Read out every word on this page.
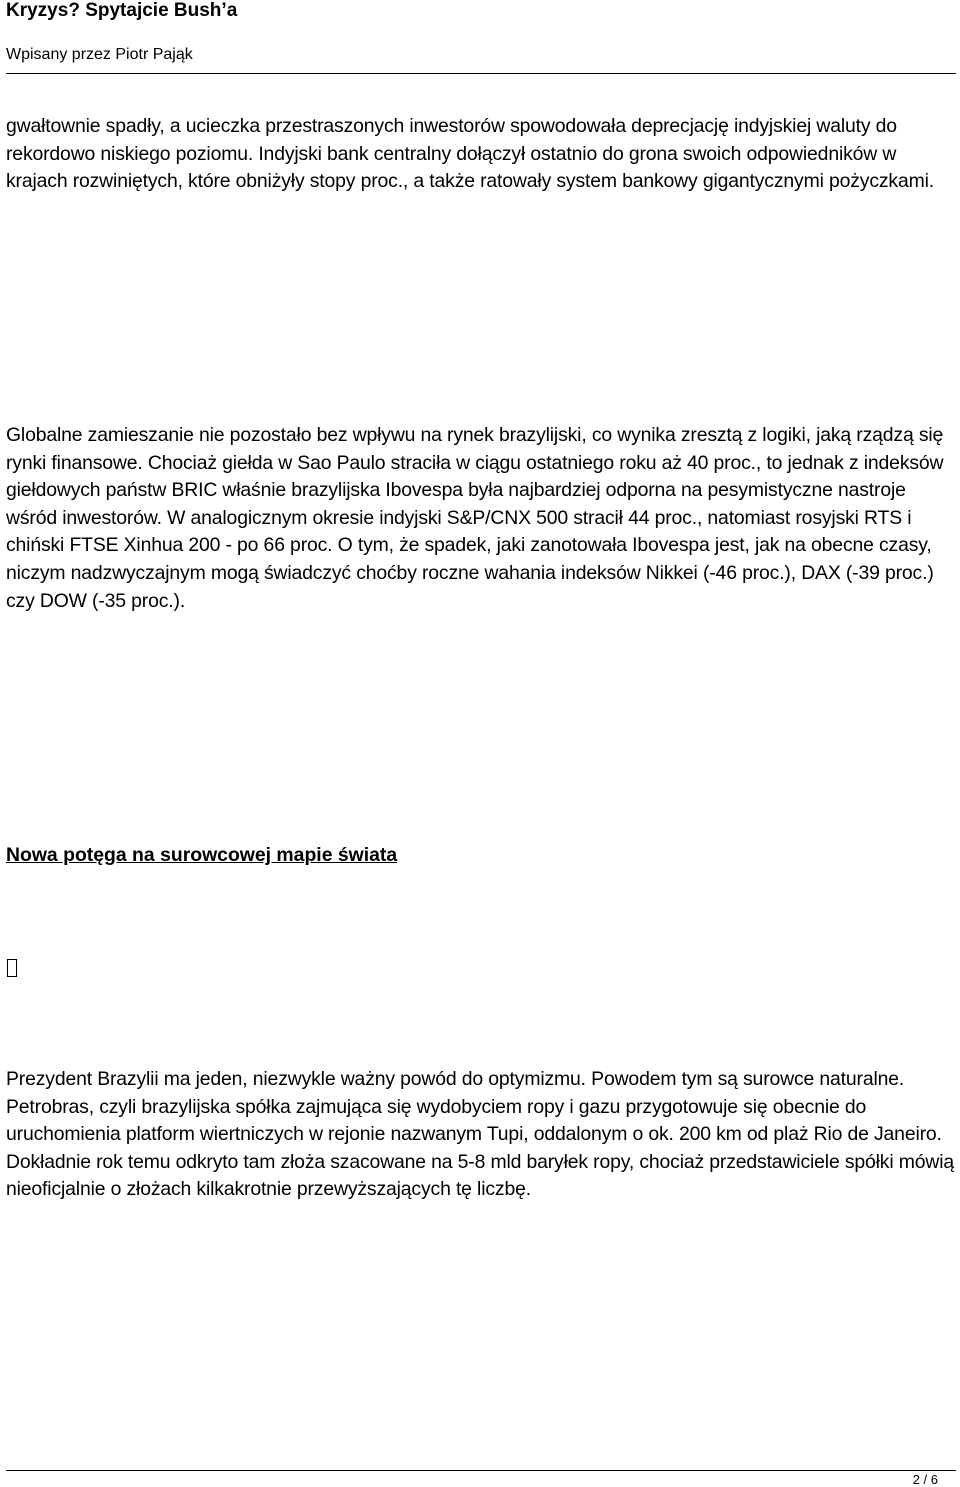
Kryzys? Spytajcie Bush’a
Wpisany przez Piotr Pająk

gwałtownie spadły, a ucieczka przestraszonych inwestorów spowodowała deprecjację indyjskiej waluty do rekordowo niskiego poziomu. Indyjski bank centralny dołączył ostatnio do grona swoich odpowiedników w krajach rozwiniętych, które obniżyły stopy proc., a także ratowały system bankowy gigantycznymi pożyczkami.

Globalne zamieszanie nie pozostało bez wpływu na rynek brazylijski, co wynika zresztą z logiki, jaką rządzą się rynki finansowe. Chociaż giełda w Sao Paulo straciła w ciągu ostatniego roku aż 40 proc., to jednak z indeksów giełdowych państw BRIC właśnie brazylijska Ibovespa była najbardziej odporna na pesymistyczne nastroje wśród inwestorów. W analogicznym okresie indyjski S&P/CNX 500 stracił 44 proc., natomiast rosyjski RTS i chiński FTSE Xinhua 200 - po 66 proc. O tym, że spadek, jaki zanotowała Ibovespa jest, jak na obecne czasy, niczym nadzwyczajnym mogą świadczyć choćby roczne wahania indeksów Nikkei (-46 proc.), DAX (-39 proc.) czy DOW (-35 proc.).

Nowa potęga na surowcowej mapie świata

Prezydent Brazylii ma jeden, niezwykle ważny powód do optymizmu. Powodem tym są surowce naturalne. Petrobras, czyli brazylijska spółka zajmująca się wydobyciem ropy i gazu przygotowuje się obecnie do uruchomienia platform wiertniczych w rejonie nazwanym Tupi, oddalonym o ok. 200 km od plaż Rio de Janeiro. Dokładnie rok temu odkryto tam złoża szacowane na 5-8 mld baryłek ropy, chociaż przedstawiciele spółki mówią nieoficjalnie o złożach kilkakrotnie przewyższających tę liczbę.

2 / 6
